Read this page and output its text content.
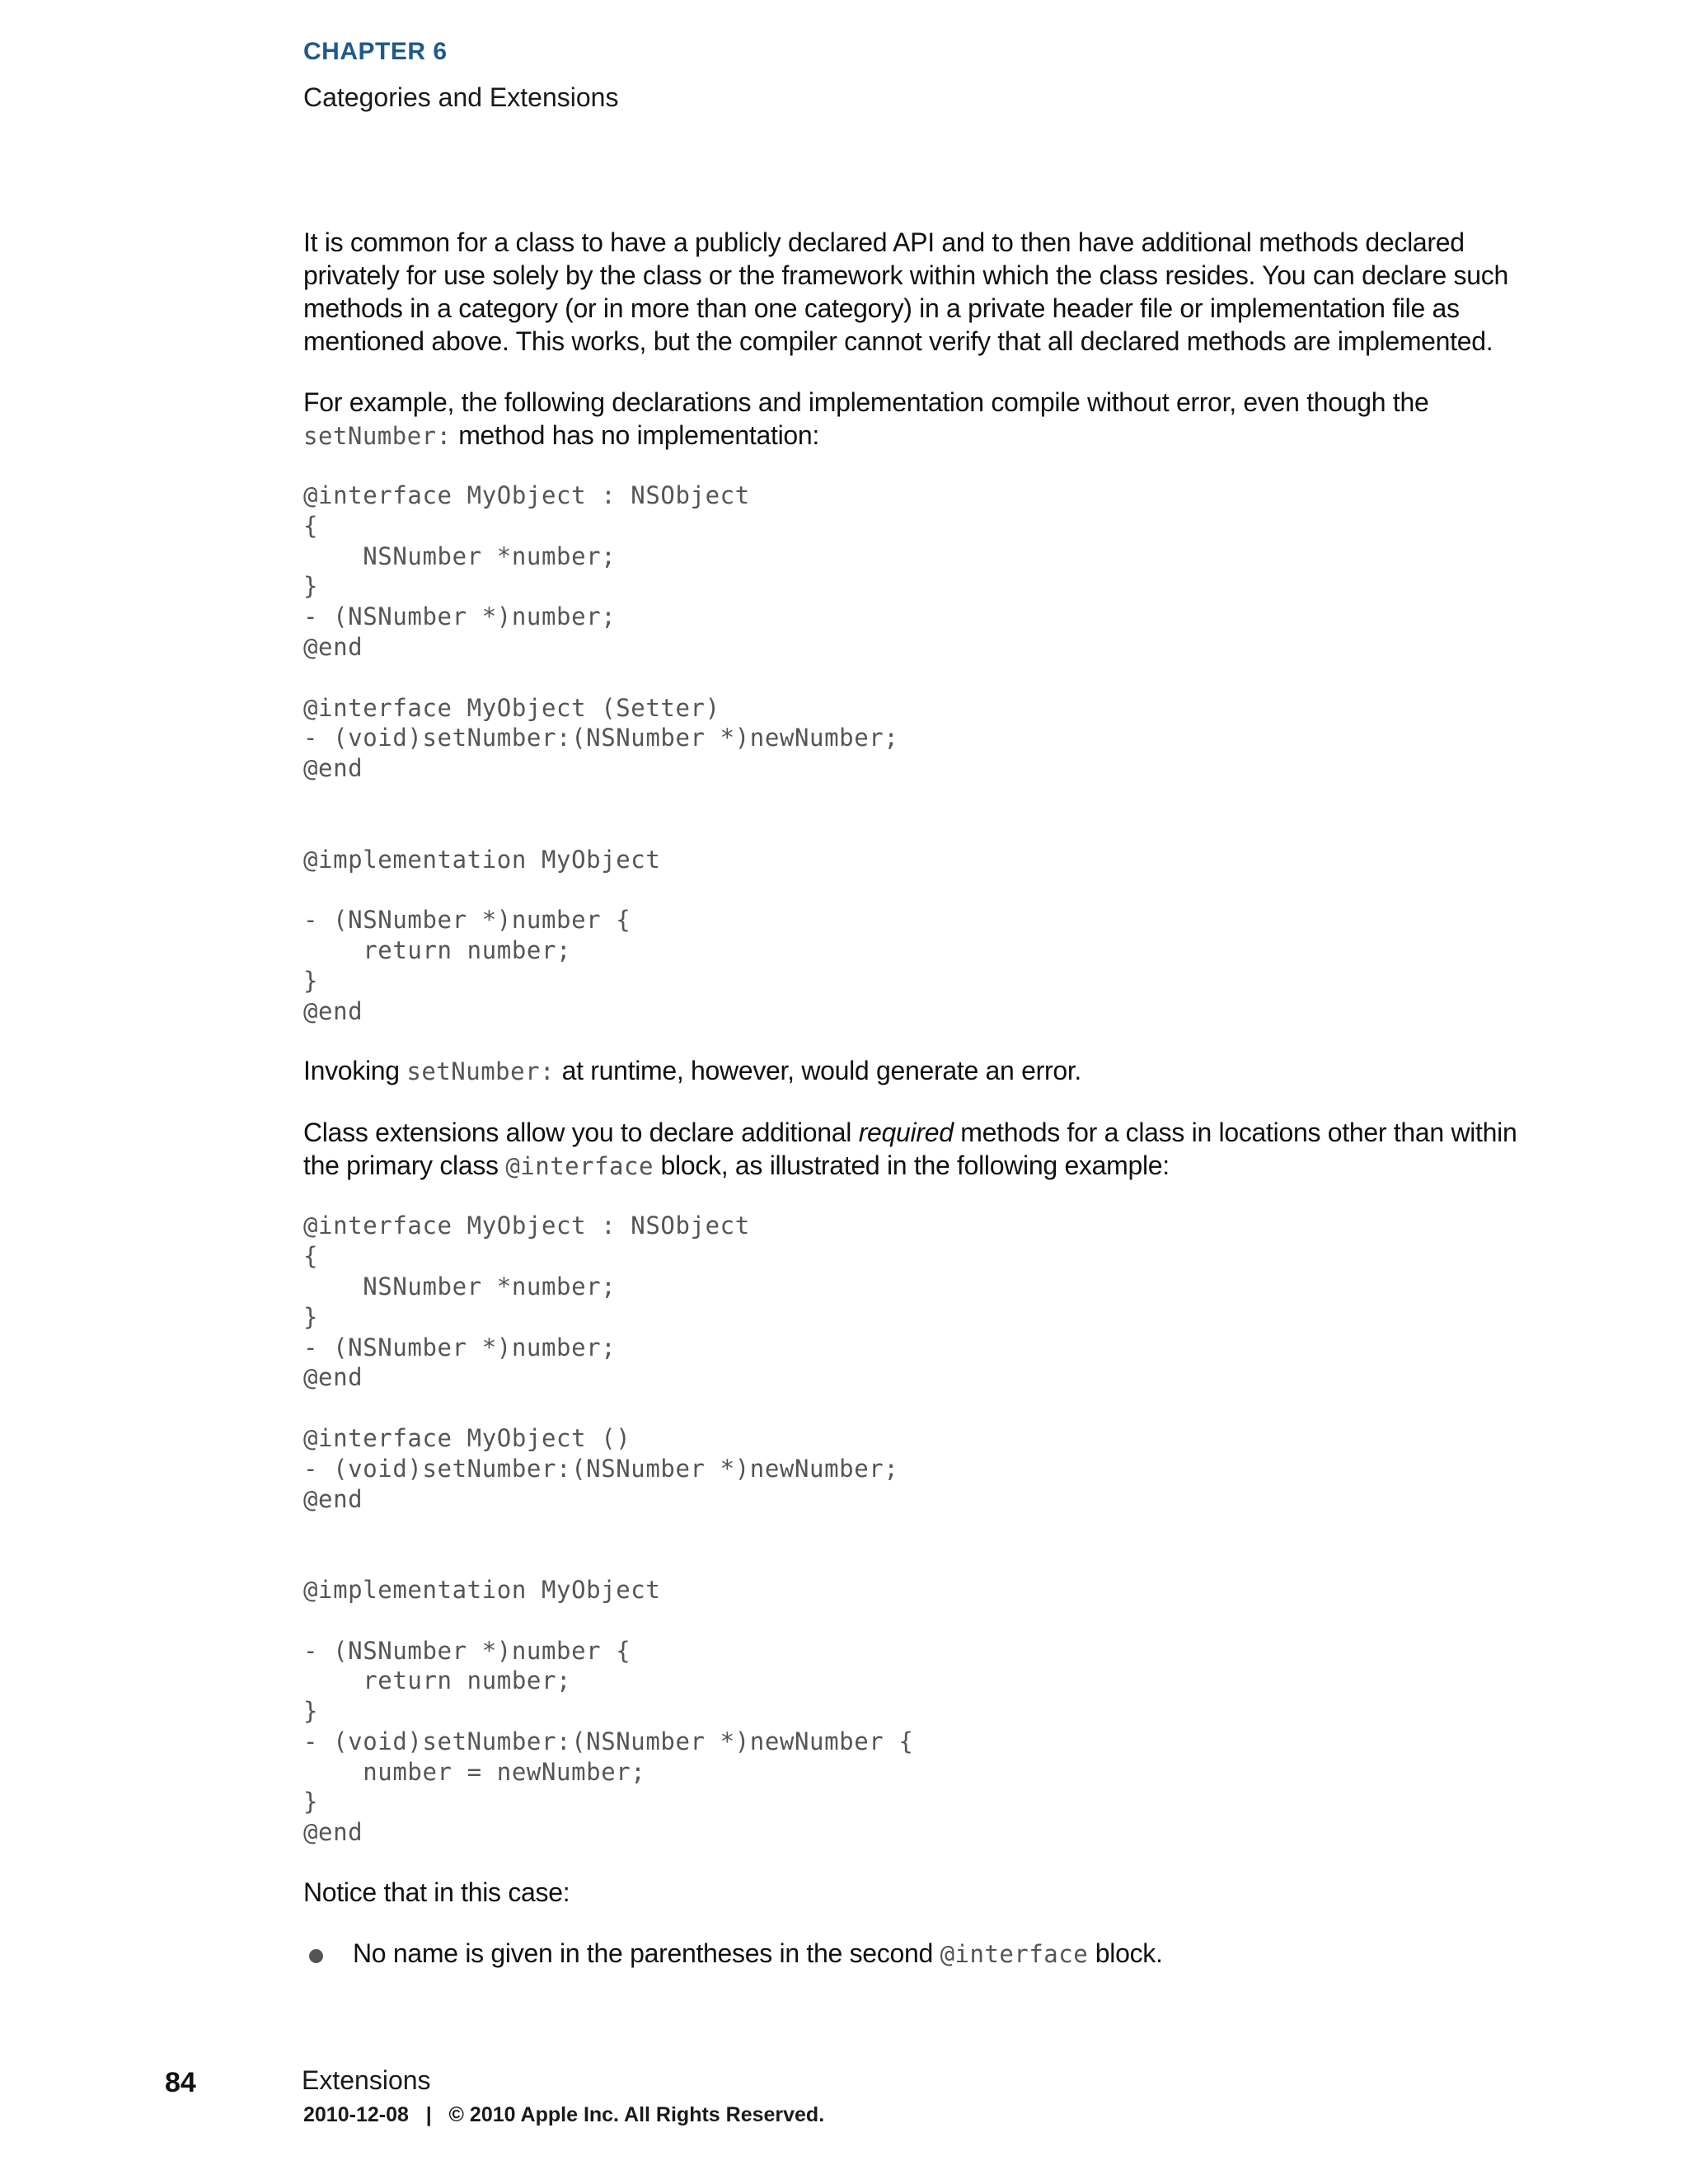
CHAPTER 6
Categories and Extensions

It is common for a class to have a publicly declared API and to then have additional methods declared privately for use solely by the class or the framework within which the class resides. You can declare such methods in a category (or in more than one category) in a private header file or implementation file as mentioned above. This works, but the compiler cannot verify that all declared methods are implemented.

For example, the following declarations and implementation compile without error, even though the setNumber: method has no implementation:

@interface MyObject : NSObject
{
NSNumber *number;
}
- (NSNumber *)number;
@end

@interface MyObject (Setter)
- (void)setNumber:(NSNumber *)newNumber;
@end

@implementation MyObject

- (NSNumber *)number {
return number;
}
@end

Invoking setNumber: at runtime, however, would generate an error.

Class extensions allow you to declare additional required methods for a class in locations other than within the primary class @interface block, as illustrated in the following example:

@interface MyObject : NSObject
{
NSNumber *number;
}
- (NSNumber *)number;
@end

@interface MyObject ()
- (void)setNumber:(NSNumber *)newNumber;
@end

@implementation MyObject

- (NSNumber *)number {
return number;
}
- (void)setNumber:(NSNumber *)newNumber {
number = newNumber;
}
@end

Notice that in this case:

No name is given in the parentheses in the second @interface block.
84	Extensions
2010-12-08   |   © 2010 Apple Inc. All Rights Reserved.
